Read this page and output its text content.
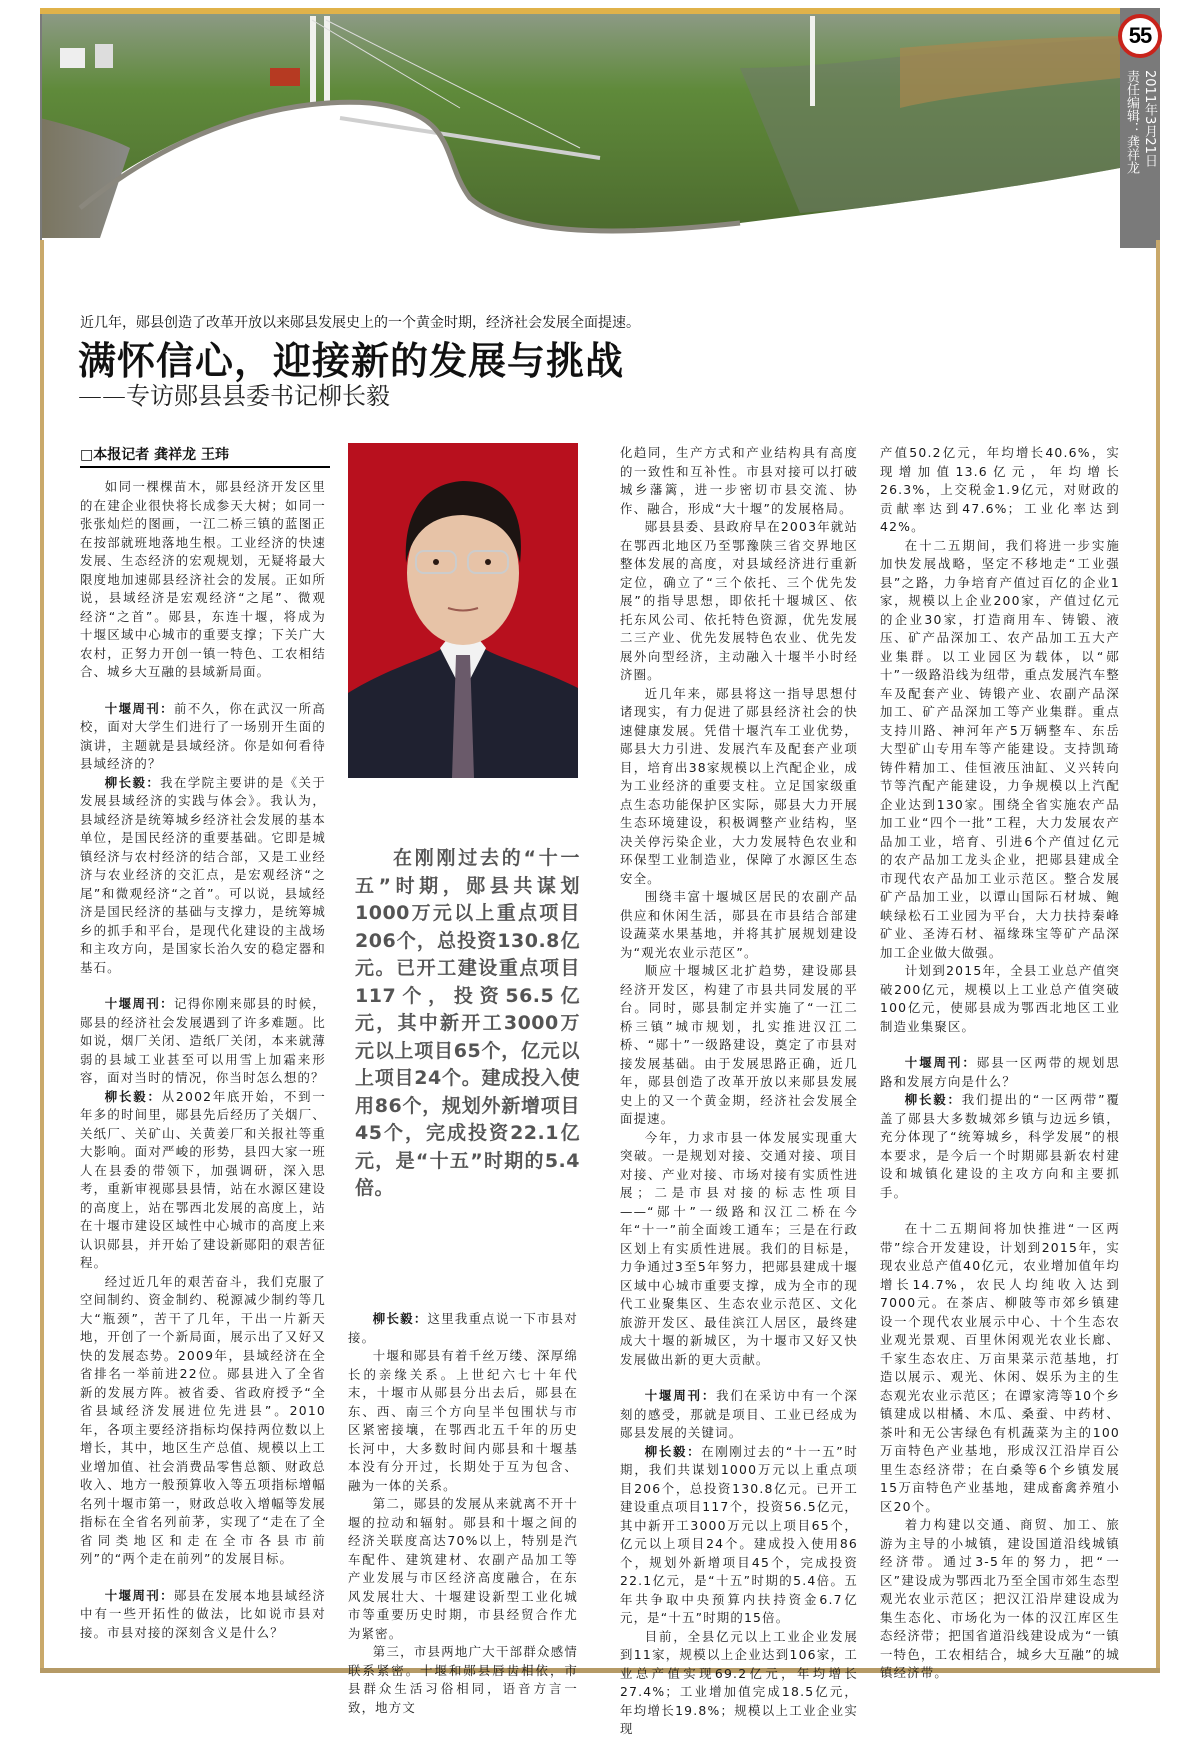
55
2011年3月21日
责任编辑：龚祥龙
近几年，郧县创造了改革开放以来郧县发展史上的一个黄金时期，经济社会发展全面提速。
满怀信心，迎接新的发展与挑战
——专访郧县县委书记柳长毅
□本报记者 龚祥龙 王玮
在刚刚过去的“十一五”时期，郧县共谋划1000万元以上重点项目206个，总投资130.8亿元。已开工建设重点项目117个，投资56.5亿元，其中新开工3000万元以上项目65个，亿元以上项目24个。建成投入使用86个，规划外新增项目45个，完成投资22.1亿元，是“十五”时期的5.4倍。

如同一棵棵苗木，郧县经济开发区里的在建企业很快将长成参天大树；如同一张张灿烂的图画，一江二桥三镇的蓝图正在按部就班地落地生根。工业经济的快速发展、生态经济的宏观规划，无疑将最大限度地加速郧县经济社会的发展。正如所说，县域经济是宏观经济“之尾”、微观经济“之首”。郧县，东连十堰，将成为十堰区域中心城市的重要支撑；下关广大农村，正努力开创一镇一特色、工农相结合、城乡大互融的县域新局面。

十堰周刊：前不久，你在武汉一所高校，面对大学生们进行了一场别开生面的演讲，主题就是县域经济。你是如何看待县域经济的？

柳长毅：我在学院主要讲的是《关于发展县域经济的实践与体会》。我认为，县域经济是统筹城乡经济社会发展的基本单位，是国民经济的重要基础。它即是城镇经济与农村经济的结合部，又是工业经济与农业经济的交汇点，是宏观经济“之尾”和微观经济“之首”。可以说，县域经济是国民经济的基础与支撑力，是统筹城乡的抓手和平台，是现代化建设的主战场和主攻方向，是国家长治久安的稳定器和基石。

十堰周刊：记得你刚来郧县的时候，郧县的经济社会发展遇到了许多难题。比如说，烟厂关闭、造纸厂关闭，本来就薄弱的县域工业甚至可以用雪上加霜来形容，面对当时的情况，你当时怎么想的？

柳长毅：从2002年底开始，不到一年多的时间里，郧县先后经历了关烟厂、关纸厂、关矿山、关黄姜厂和关报社等重大影响。面对严峻的形势，县四大家一班人在县委的带领下，加强调研，深入思考，重新审视郧县县情，站在水源区建设的高度上，站在鄂西北发展的高度上，站在十堰市建设区域性中心城市的高度上来认识郧县，并开始了建设新郧阳的艰苦征程。

经过近几年的艰苦奋斗，我们克服了空间制约、资金制约、税源减少制约等几大“瓶颈”，苦干了几年，干出一片新天地，开创了一个新局面，展示出了又好又快的发展态势。2009年，县域经济在全省排名一举前进22位。郧县进入了全省新的发展方阵。被省委、省政府授予“全省县域经济发展进位先进县”。2010年，各项主要经济指标均保持两位数以上增长，其中，地区生产总值、规模以上工业增加值、社会消费品零售总额、财政总收入、地方一般预算收入等五项指标增幅名列十堰市第一，财政总收入增幅等发展指标在全省名列前茅，实现了“走在了全省同类地区和走在全市各县市前列”的“两个走在前列”的发展目标。

十堰周刊：郧县在发展本地县域经济中有一些开拓性的做法，比如说市县对接。市县对接的深刻含义是什么？

柳长毅：这里我重点说一下市县对接。

十堰和郧县有着千丝万缕、深厚绵长的亲缘关系。上世纪六七十年代末，十堰市从郧县分出去后，郧县在东、西、南三个方向呈半包围状与市区紧密接壤，在鄂西北五千年的历史长河中，大多数时间内郧县和十堰基本没有分开过，长期处于互为包含、融为一体的关系。

第二，郧县的发展从来就离不开十堰的拉动和辐射。郧县和十堰之间的经济关联度高达70%以上，特别是汽车配件、建筑建材、农副产品加工等产业发展与市区经济高度融合，在东风发展壮大、十堰建设新型工业化城市等重要历史时期，市县经贸合作尤为紧密。

第三，市县两地广大干部群众感情联系紧密。十堰和郧县唇齿相依，市县群众生活习俗相同，语音方言一致，地方文

化趋同，生产方式和产业结构具有高度的一致性和互补性。市县对接可以打破城乡藩篱，进一步密切市县交流、协作、融合，形成“大十堰”的发展格局。

郧县县委、县政府早在2003年就站在鄂西北地区乃至鄂豫陕三省交界地区整体发展的高度，对县域经济进行重新定位，确立了“三个依托、三个优先发展”的指导思想，即依托十堰城区、依托东风公司、依托特色资源，优先发展二三产业、优先发展特色农业、优先发展外向型经济，主动融入十堰半小时经济圈。

近几年来，郧县将这一指导思想付诸现实，有力促进了郧县经济社会的快速健康发展。凭借十堰汽车工业优势，郧县大力引进、发展汽车及配套产业项目，培育出38家规模以上汽配企业，成为工业经济的重要支柱。立足国家级重点生态功能保护区实际，郧县大力开展生态环境建设，积极调整产业结构，坚决关停污染企业，大力发展特色农业和环保型工业制造业，保障了水源区生态安全。

围绕丰富十堰城区居民的农副产品供应和休闲生活，郧县在市县结合部建设蔬菜水果基地，并将其扩展规划建设为“观光农业示范区”。

顺应十堰城区北扩趋势，建设郧县经济开发区，构建了市县共同发展的平台。同时，郧县制定并实施了“一江二桥三镇”城市规划，扎实推进汉江二桥、“郧十”一级路建设，奠定了市县对接发展基础。由于发展思路正确，近几年，郧县创造了改革开放以来郧县发展史上的又一个黄金期，经济社会发展全面提速。

今年，力求市县一体发展实现重大突破。一是规划对接、交通对接、项目对接、产业对接、市场对接有实质性进展；二是市县对接的标志性项目——“郧十”一级路和汉江二桥在今年“十一”前全面竣工通车；三是在行政区划上有实质性进展。我们的目标是，力争通过3至5年努力，把郧县建成十堰区域中心城市重要支撑，成为全市的现代工业聚集区、生态农业示范区、文化旅游开发区、最佳滨江人居区，最终建成大十堰的新城区，为十堰市又好又快发展做出新的更大贡献。

十堰周刊：我们在采访中有一个深刻的感受，那就是项目、工业已经成为郧县发展的关键词。

柳长毅：在刚刚过去的“十一五”时期，我们共谋划1000万元以上重点项目206个，总投资130.8亿元。已开工建设重点项目117个，投资56.5亿元，其中新开工3000万元以上项目65个，亿元以上项目24个。建成投入使用86个，规划外新增项目45个，完成投资22.1亿元，是“十五”时期的5.4倍。五年共争取中央预算内扶持资金6.7亿元，是“十五”时期的15倍。

目前，全县亿元以上工业企业发展到11家，规模以上企业达到106家，工业总产值实现69.2亿元，年均增长27.4%；工业增加值完成18.5亿元，年均增长19.8%；规模以上工业企业实现

产值50.2亿元，年均增长40.6%，实现增加值13.6亿元，年均增长26.3%，上交税金1.9亿元，对财政的贡献率达到47.6%；工业化率达到42%。

在十二五期间，我们将进一步实施加快发展战略，坚定不移地走“工业强县”之路，力争培育产值过百亿的企业1家，规模以上企业200家，产值过亿元的企业30家，打造商用车、铸锻、液压、矿产品深加工、农产品加工五大产业集群。以工业园区为载体，以“郧十”一级路沿线为纽带，重点发展汽车整车及配套产业、铸锻产业、农副产品深加工、矿产品深加工等产业集群。重点支持川路、神河年产5万辆整车、东岳大型矿山专用车等产能建设。支持凯琦铸件精加工、佳恒液压油缸、义兴转向节等汽配产能建设，力争规模以上汽配企业达到130家。围绕全省实施农产品加工业“四个一批”工程，大力发展农产品加工业，培育、引进6个产值过亿元的农产品加工龙头企业，把郧县建成全市现代农产品加工业示范区。整合发展矿产品加工业，以谭山国际石材城、鲍峡绿松石工业园为平台，大力扶持秦峰矿业、圣涛石材、福缘珠宝等矿产品深加工企业做大做强。

计划到2015年，全县工业总产值突破200亿元，规模以上工业总产值突破100亿元，使郧县成为鄂西北地区工业制造业集聚区。

十堰周刊：郧县一区两带的规划思路和发展方向是什么？

柳长毅：我们提出的“一区两带”覆盖了郧县大多数城郊乡镇与边远乡镇，充分体现了“统筹城乡，科学发展”的根本要求，是今后一个时期郧县新农村建设和城镇化建设的主攻方向和主要抓手。

在十二五期间将加快推进“一区两带”综合开发建设，计划到2015年，实现农业总产值40亿元，农业增加值年均增长14.7%，农民人均纯收入达到7000元。在茶店、柳陂等市郊乡镇建设一个现代农业展示中心、十个生态农业观光景观、百里休闲观光农业长廊、千家生态农庄、万亩果菜示范基地，打造以展示、观光、休闲、娱乐为主的生态观光农业示范区；在谭家湾等10个乡镇建成以柑橘、木瓜、桑蚕、中药材、茶叶和无公害绿色有机蔬菜为主的100万亩特色产业基地，形成汉江沿岸百公里生态经济带；在白桑等6个乡镇发展15万亩特色产业基地，建成畜禽养殖小区20个。

着力构建以交通、商贸、加工、旅游为主导的小城镇，建设国道沿线城镇经济带。通过3-5年的努力，把“一区”建设成为鄂西北乃至全国市郊生态型观光农业示范区；把汉江沿岸建设成为集生态化、市场化为一体的汉江库区生态经济带；把国省道沿线建设成为“一镇一特色，工农相结合，城乡大互融”的城镇经济带。
